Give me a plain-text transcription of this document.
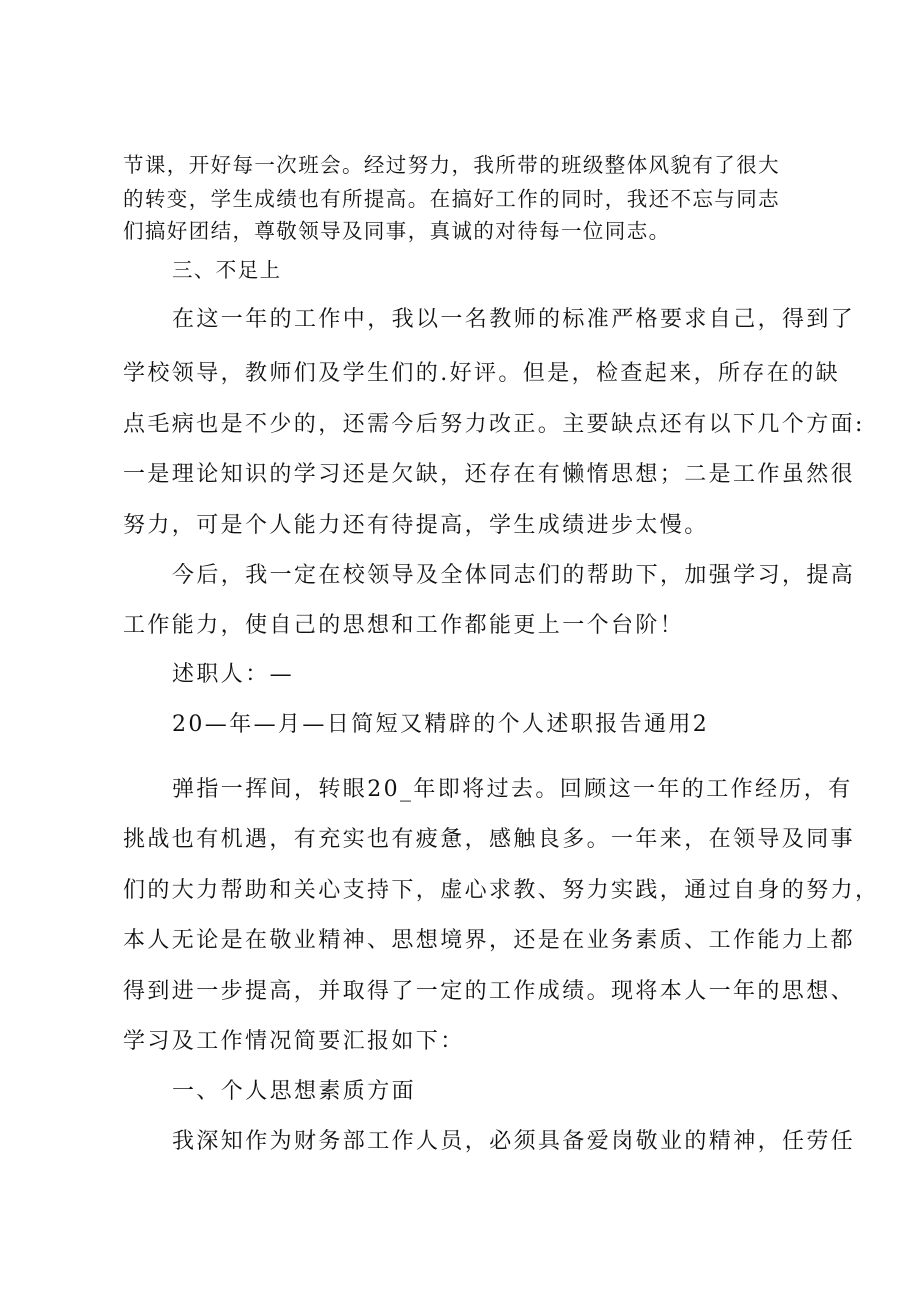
节课，开好每一次班会。经过努力，我所带的班级整体风貌有了很大

的转变，学生成绩也有所提高。在搞好工作的同时，我还不忘与同志

们搞好团结，尊敬领导及同事，真诚的对待每一位同志。

三、不足上

在这一年的工作中，我以一名教师的标准严格要求自己，得到了

学校领导，教师们及学生们的.好评。但是，检查起来，所存在的缺

点毛病也是不少的，还需今后努力改正。主要缺点还有以下几个方面:

一是理论知识的学习还是欠缺，还存在有懒惰思想；二是工作虽然很

努力，可是个人能力还有待提高，学生成绩进步太慢。

今后，我一定在校领导及全体同志们的帮助下，加强学习，提高

工作能力，使自己的思想和工作都能更上一个台阶！

述职人：—

20—年—月—日简短又精辟的个人述职报告通用2

弹指一挥间，转眼20_年即将过去。回顾这一年的工作经历，有

挑战也有机遇，有充实也有疲惫，感触良多。一年来，在领导及同事

们的大力帮助和关心支持下，虚心求教、努力实践，通过自身的努力，

本人无论是在敬业精神、思想境界，还是在业务素质、工作能力上都

得到进一步提高，并取得了一定的工作成绩。现将本人一年的思想、

学习及工作情况简要汇报如下：

一、个人思想素质方面

我深知作为财务部工作人员，必须具备爱岗敬业的精神，任劳任
